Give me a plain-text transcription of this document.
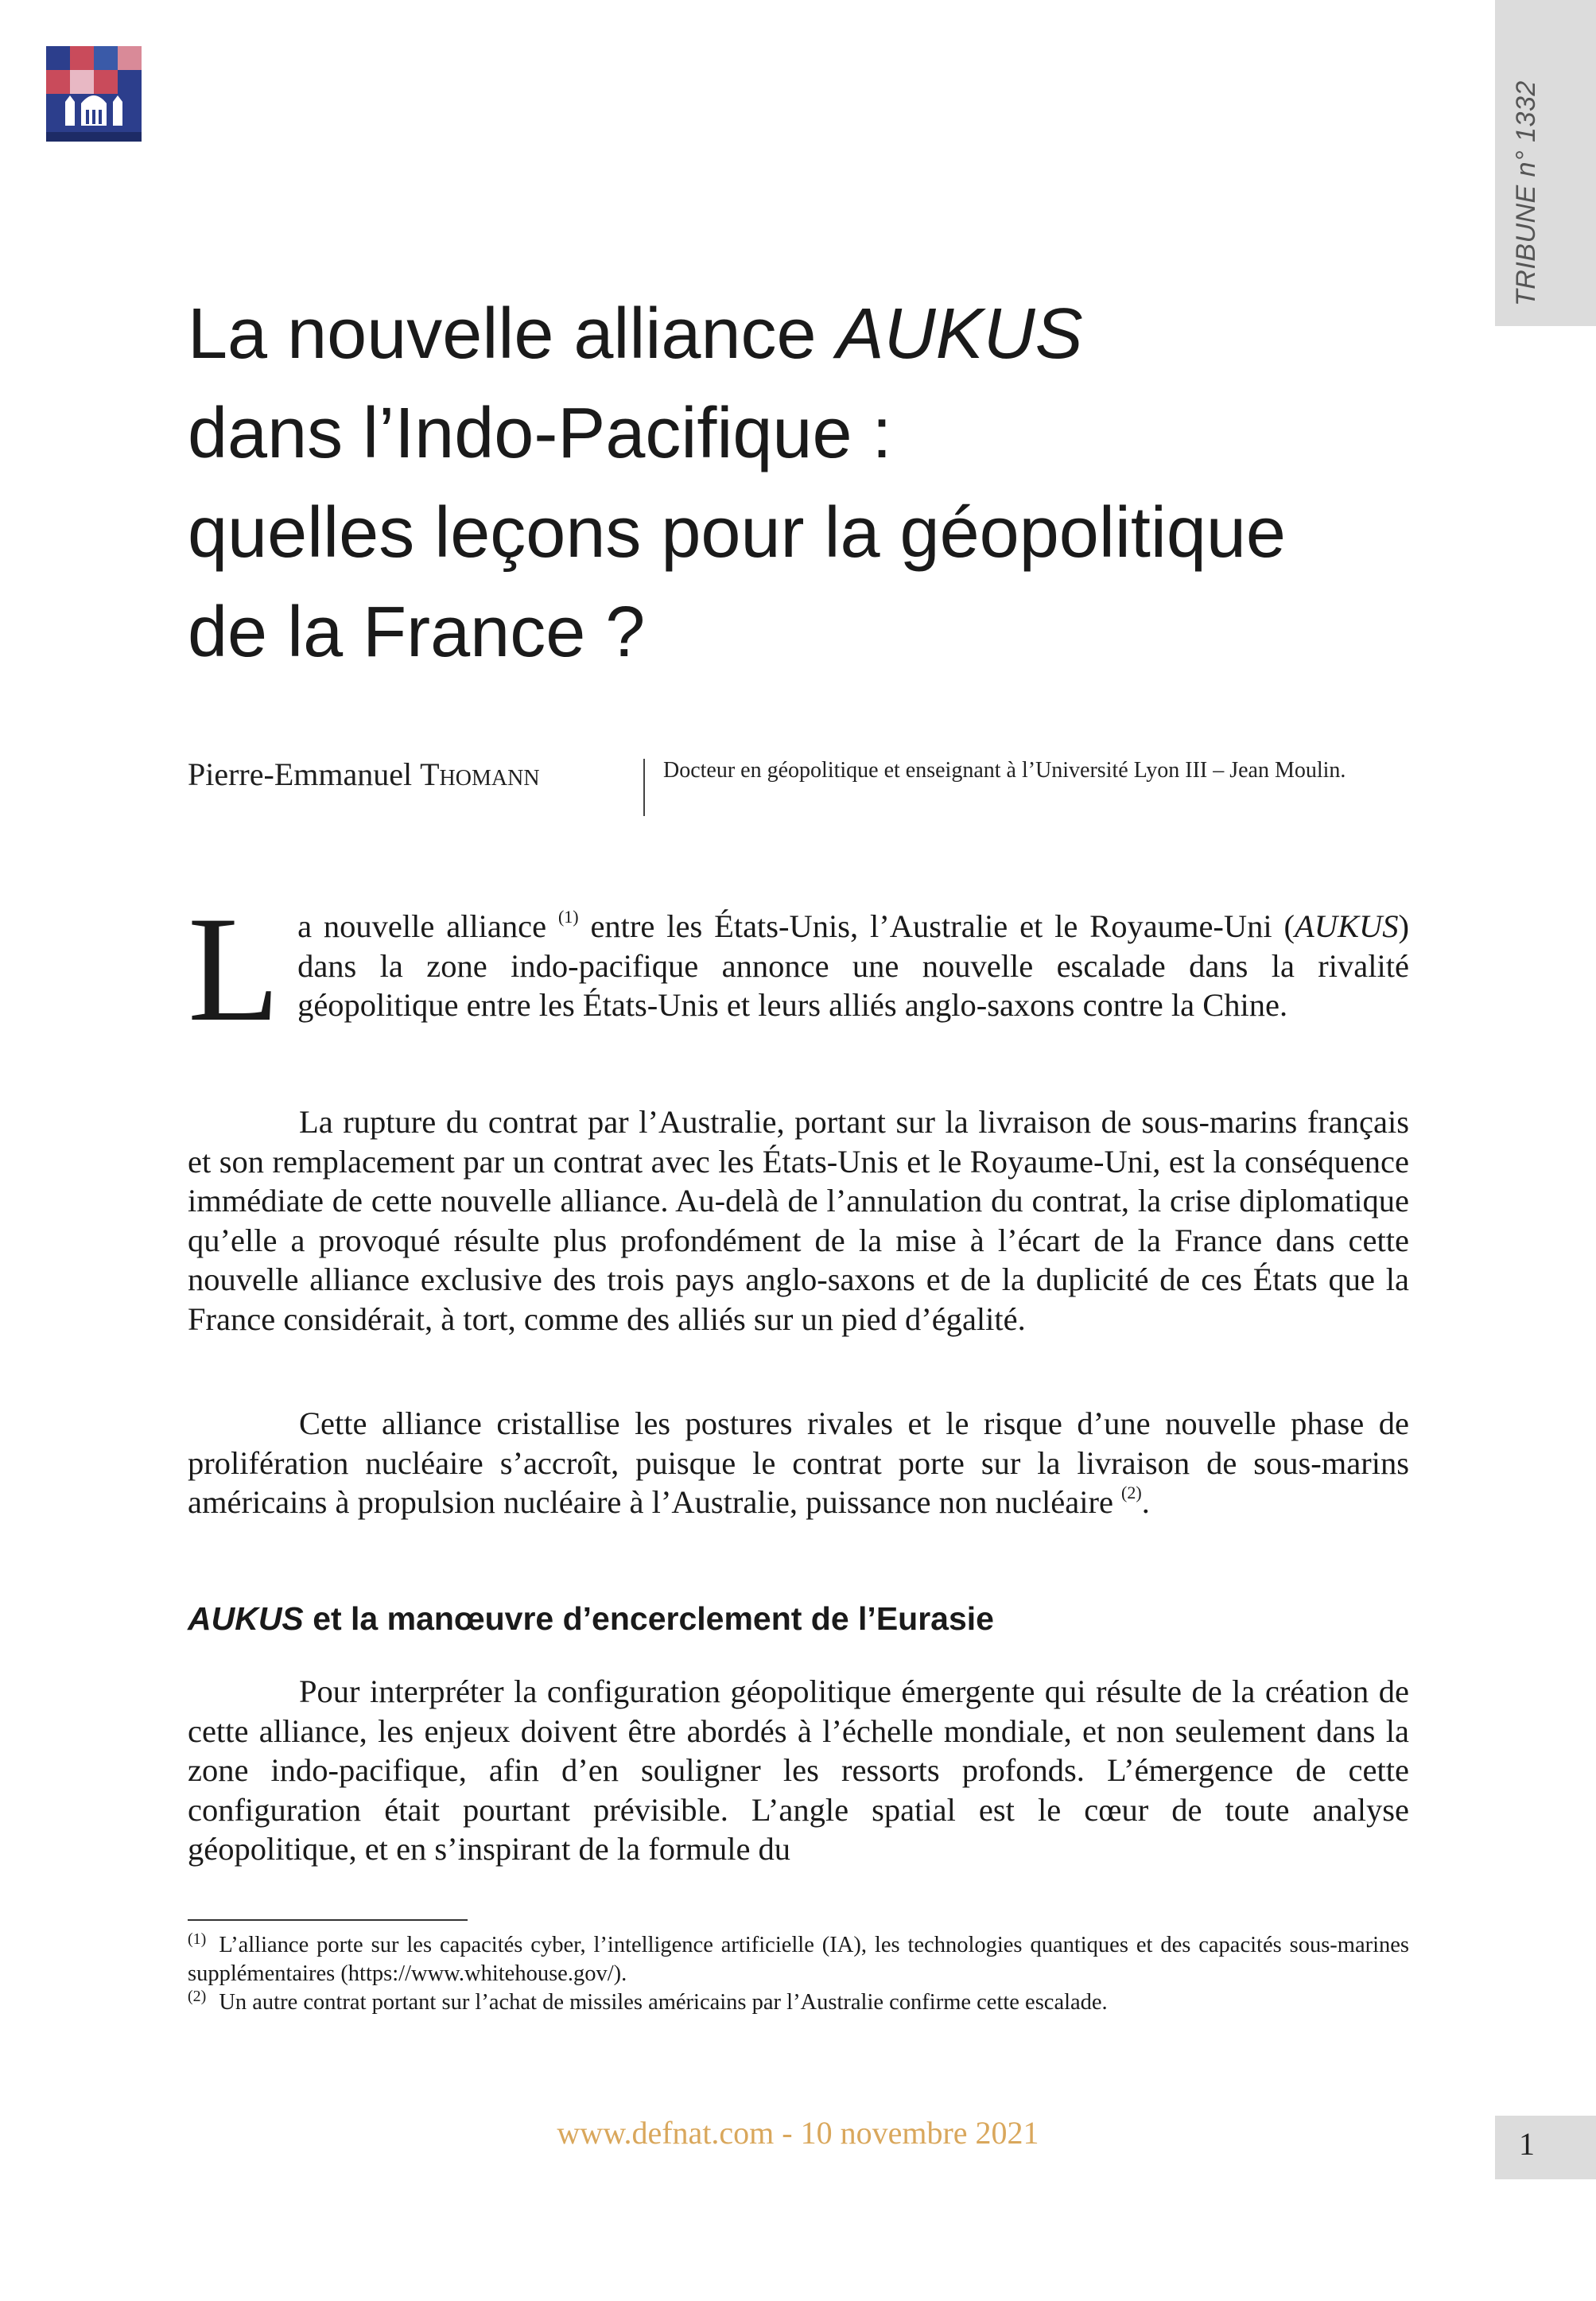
TRIBUNE n° 1332
La nouvelle alliance AUKUS
dans l’Indo-Pacifique :
quelles leçons pour la géopolitique
de la France ?
Pierre-Emmanuel Thomann	Docteur en géopolitique et enseignant à l’Université Lyon III – Jean Moulin.

La nouvelle alliance $^{(1)}$ entre les États-Unis, l’Australie et le Royaume-Uni (AUKUS) dans la zone indo-pacifique annonce une nouvelle escalade dans la rivalité géopolitique entre les États-Unis et leurs alliés anglo-saxons contre la Chine.

La rupture du contrat par l’Australie, portant sur la livraison de sous-marins français et son remplacement par un contrat avec les États-Unis et le Royaume-Uni, est la conséquence immédiate de cette nouvelle alliance. Au-delà de l’annulation du contrat, la crise diplomatique qu’elle a provoqué résulte plus profondément de la mise à l’écart de la France dans cette nouvelle alliance exclusive des trois pays anglo-saxons et de la duplicité de ces États que la France considérait, à tort, comme des alliés sur un pied d’égalité.

Cette alliance cristallise les postures rivales et le risque d’une nouvelle phase de prolifération nucléaire s’accroît, puisque le contrat porte sur la livraison de sous-marins américains à propulsion nucléaire à l’Australie, puissance non nucléaire $^{(2)}$.

AUKUS et la manœuvre d’encerclement de l’Eurasie

Pour interpréter la configuration géopolitique émergente qui résulte de la création de cette alliance, les enjeux doivent être abordés à l’échelle mondiale, et non seulement dans la zone indo-pacifique, afin d’en souligner les ressorts profonds. L’émergence de cette configuration était pourtant prévisible. L’angle spatial est le cœur de toute analyse géopolitique, et en s’inspirant de la formule du

$^{(1)}$ L’alliance porte sur les capacités cyber, l’intelligence artificielle (IA), les technologies quantiques et des capacités sous-marines supplémentaires (https://www.whitehouse.gov/).

$^{(2)}$ Un autre contrat portant sur l’achat de missiles américains par l’Australie confirme cette escalade.

www.defnat.com - 10 novembre 2021	1
